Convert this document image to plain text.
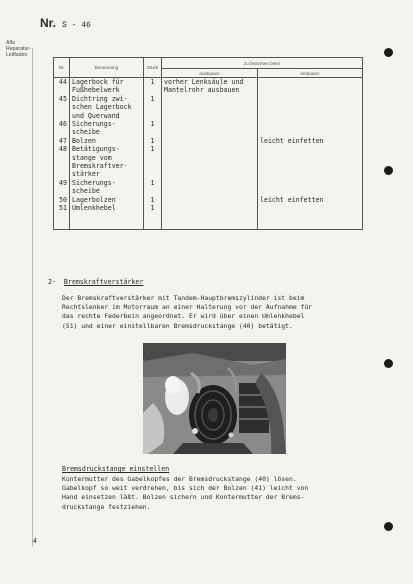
Nr. S - 46
Alfa
Reparatur-
Leitfaden
Nr.	Benennung	Stück	zu beachten beim	
			ausbauen	einbauen
44	Lagerbock für
Fußhebelwerk	1	vorher Lenksäule und
Mantelrohr ausbauen	
45	Dichtring zwi-
schen Lagerbock
und Querwand	1		
46	Sicherungs-
scheibe	1		
47	Bolzen	1		leicht einfetten
48	Betätigungs-
stange vom
Bremskraftver-
stärker	1		
49	Sicherungs-
scheibe	1		
50	Lagerbolzen	1		leicht einfetten
51	Umlenkhebel	1		

2- Bremskraftverstärker
Der Bremskraftverstärker mit Tandem-Hauptbremszylinder ist beim
Rechtslenker im Motorraum an einer Halterung vor der Aufnahme für
das rechte Federbein angeordnet. Er wird über einen Umlenkhebel
(51) und einer einstellbaren Bremsdruckstange (40) betätigt.
Bremsdruckstange einstellen
Kontermutter des Gabelkopfes der Bremsdruckstange (40) lösen.
Gabelkopf so weit verdrehen, bis sich der Bolzen (41) leicht von
Hand einsetzen läßt. Bolzen sichern und Kontermutter der Brems-
druckstange festziehen.
4
